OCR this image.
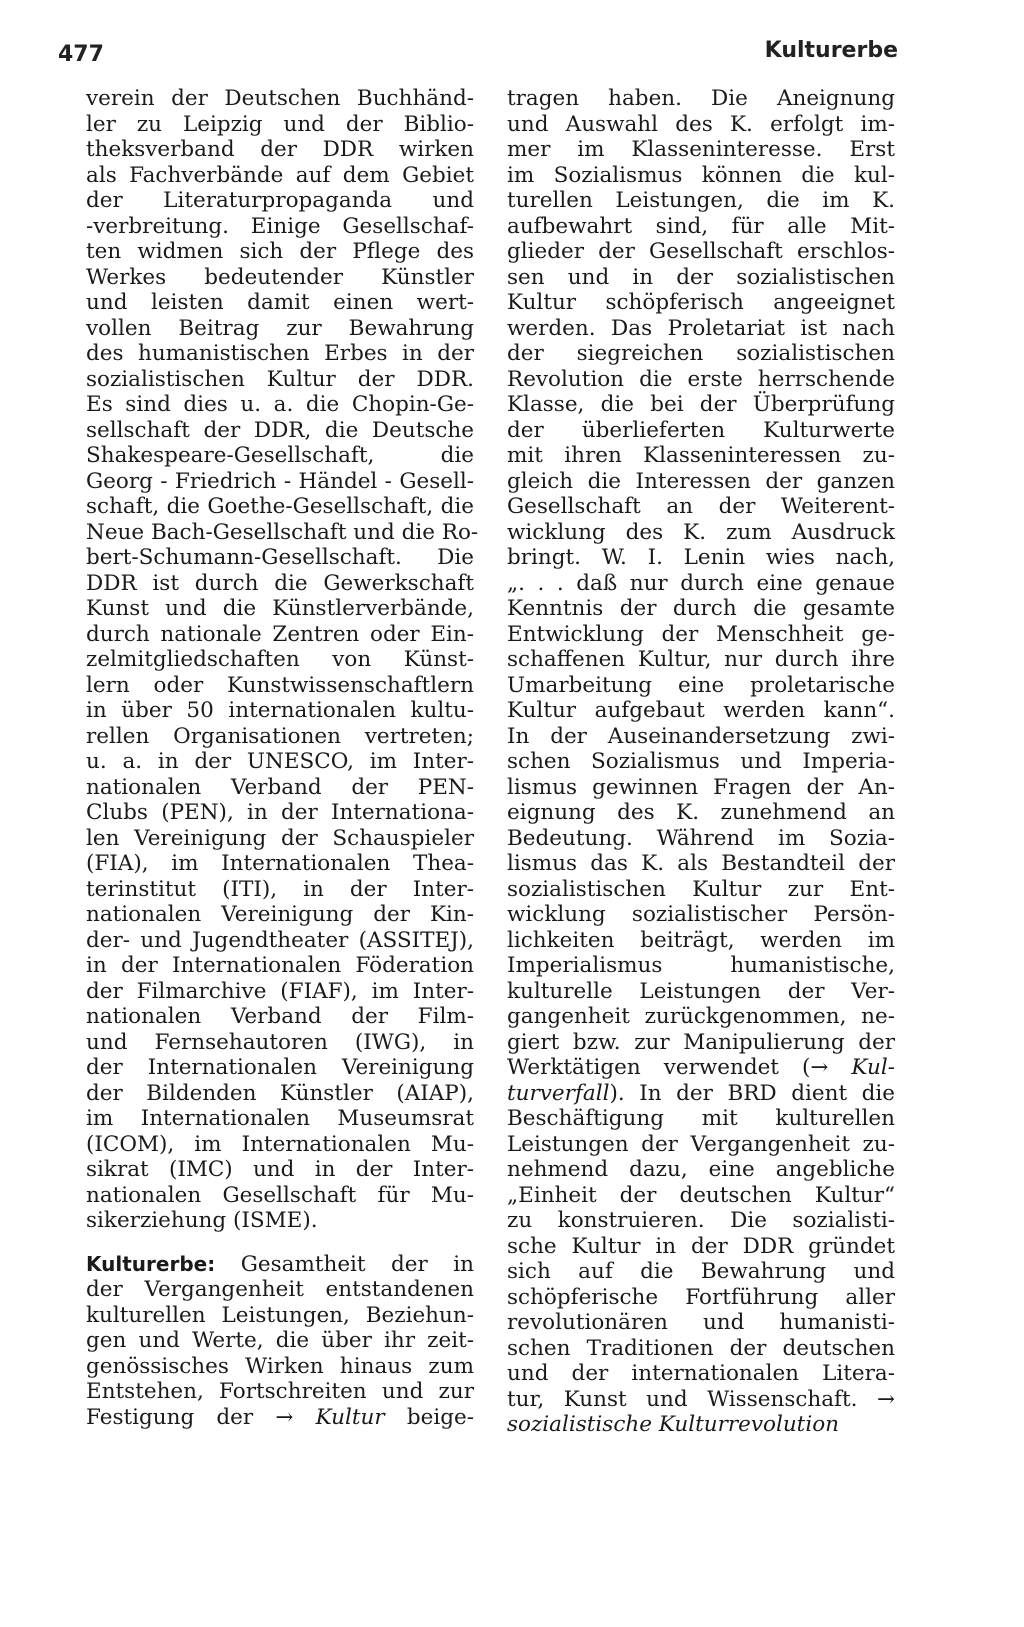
477	Kulturerbe
verein der Deutschen Buchhänd-
ler zu Leipzig und der Biblio-
theksverband der DDR wirken
als Fachverbände auf dem Gebiet
der Literaturpropaganda und
-verbreitung. Einige Gesellschaf-
ten widmen sich der Pflege des
Werkes bedeutender Künstler
und leisten damit einen wert-
vollen Beitrag zur Bewahrung
des humanistischen Erbes in der
sozialistischen Kultur der DDR.
Es sind dies u. a. die Chopin-Ge-
sellschaft der DDR, die Deutsche
Shakespeare-Gesellschaft, die
Georg - Friedrich - Händel - Gesell-
schaft, die Goethe-Gesellschaft, die
Neue Bach-Gesellschaft und die Ro-
bert-Schumann-Gesellschaft. Die
DDR ist durch die Gewerkschaft
Kunst und die Künstlerverbände,
durch nationale Zentren oder Ein-
zelmitgliedschaften von Künst-
lern oder Kunstwissenschaftlern
in über 50 internationalen kultu-
rellen Organisationen vertreten;
u. a. in der UNESCO, im Inter-
nationalen Verband der PEN-
Clubs (PEN), in der Internationa-
len Vereinigung der Schauspieler
(FIA), im Internationalen Thea-
terinstitut (ITI), in der Inter-
nationalen Vereinigung der Kin-
der- und Jugendtheater (ASSITEJ),
in der Internationalen Föderation
der Filmarchive (FIAF), im Inter-
nationalen Verband der Film-
und Fernsehautoren (IWG), in
der Internationalen Vereinigung
der Bildenden Künstler (AIAP),
im Internationalen Museumsrat
(ICOM), im Internationalen Mu-
sikrat (IMC) und in der Inter-
nationalen Gesellschaft für Mu-
sikerziehung (ISME).
Kulturerbe: Gesamtheit der in
der Vergangenheit entstandenen
kulturellen Leistungen, Beziehun-
gen und Werte, die über ihr zeit-
genössisches Wirken hinaus zum
Entstehen, Fortschreiten und zur
Festigung der → Kultur beige-
tragen haben. Die Aneignung
und Auswahl des K. erfolgt im-
mer im Klasseninteresse. Erst
im Sozialismus können die kul-
turellen Leistungen, die im K.
aufbewahrt sind, für alle Mit-
glieder der Gesellschaft erschlos-
sen und in der sozialistischen
Kultur schöpferisch angeeignet
werden. Das Proletariat ist nach
der siegreichen sozialistischen
Revolution die erste herrschende
Klasse, die bei der Überprüfung
der überlieferten Kulturwerte
mit ihren Klasseninteressen zu-
gleich die Interessen der ganzen
Gesellschaft an der Weiterent-
wicklung des K. zum Ausdruck
bringt. W. I. Lenin wies nach,
„. . . daß nur durch eine genaue
Kenntnis der durch die gesamte
Entwicklung der Menschheit ge-
schaffenen Kultur, nur durch ihre
Umarbeitung eine proletarische
Kultur aufgebaut werden kann“.
In der Auseinandersetzung zwi-
schen Sozialismus und Imperia-
lismus gewinnen Fragen der An-
eignung des K. zunehmend an
Bedeutung. Während im Sozia-
lismus das K. als Bestandteil der
sozialistischen Kultur zur Ent-
wicklung sozialistischer Persön-
lichkeiten beiträgt, werden im
Imperialismus humanistische,
kulturelle Leistungen der Ver-
gangenheit zurückgenommen, ne-
giert bzw. zur Manipulierung der
Werktätigen verwendet (→ Kul-
turverfall). In der BRD dient die
Beschäftigung mit kulturellen
Leistungen der Vergangenheit zu-
nehmend dazu, eine angebliche
„Einheit der deutschen Kultur“
zu konstruieren. Die sozialisti-
sche Kultur in der DDR gründet
sich auf die Bewahrung und
schöpferische Fortführung aller
revolutionären und humanisti-
schen Traditionen der deutschen
und der internationalen Litera-
tur, Kunst und Wissenschaft. →
sozialistische Kulturrevolution
